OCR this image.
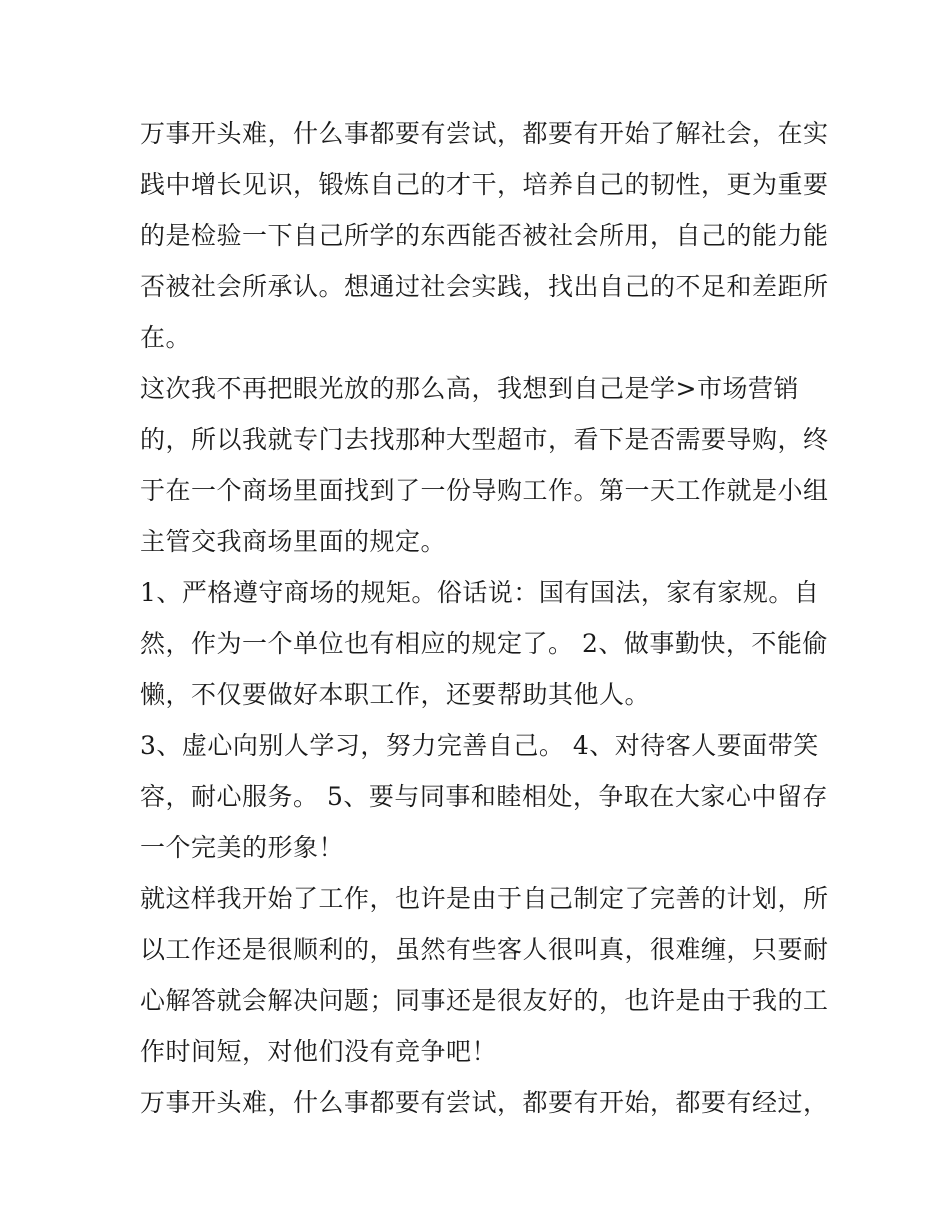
万事开头难，什么事都要有尝试，都要有开始了解社会，在实
践中增长见识，锻炼自己的才干，培养自己的韧性，更为重要
的是检验一下自己所学的东西能否被社会所用，自己的能力能
否被社会所承认。想通过社会实践，找出自己的不足和差距所
在。
这次我不再把眼光放的那么高，我想到自己是学>市场营销
的，所以我就专门去找那种大型超市，看下是否需要导购，终
于在一个商场里面找到了一份导购工作。第一天工作就是小组
主管交我商场里面的规定。
1、严格遵守商场的规矩。俗话说：国有国法，家有家规。自
然，作为一个单位也有相应的规定了。 2、做事勤快，不能偷
懒，不仅要做好本职工作，还要帮助其他人。
3、虚心向别人学习，努力完善自己。 4、对待客人要面带笑
容，耐心服务。 5、要与同事和睦相处，争取在大家心中留存
一个完美的形象！
就这样我开始了工作，也许是由于自己制定了完善的计划，所
以工作还是很顺利的，虽然有些客人很叫真，很难缠，只要耐
心解答就会解决问题；同事还是很友好的，也许是由于我的工
作时间短，对他们没有竞争吧！
万事开头难，什么事都要有尝试，都要有开始，都要有经过，
